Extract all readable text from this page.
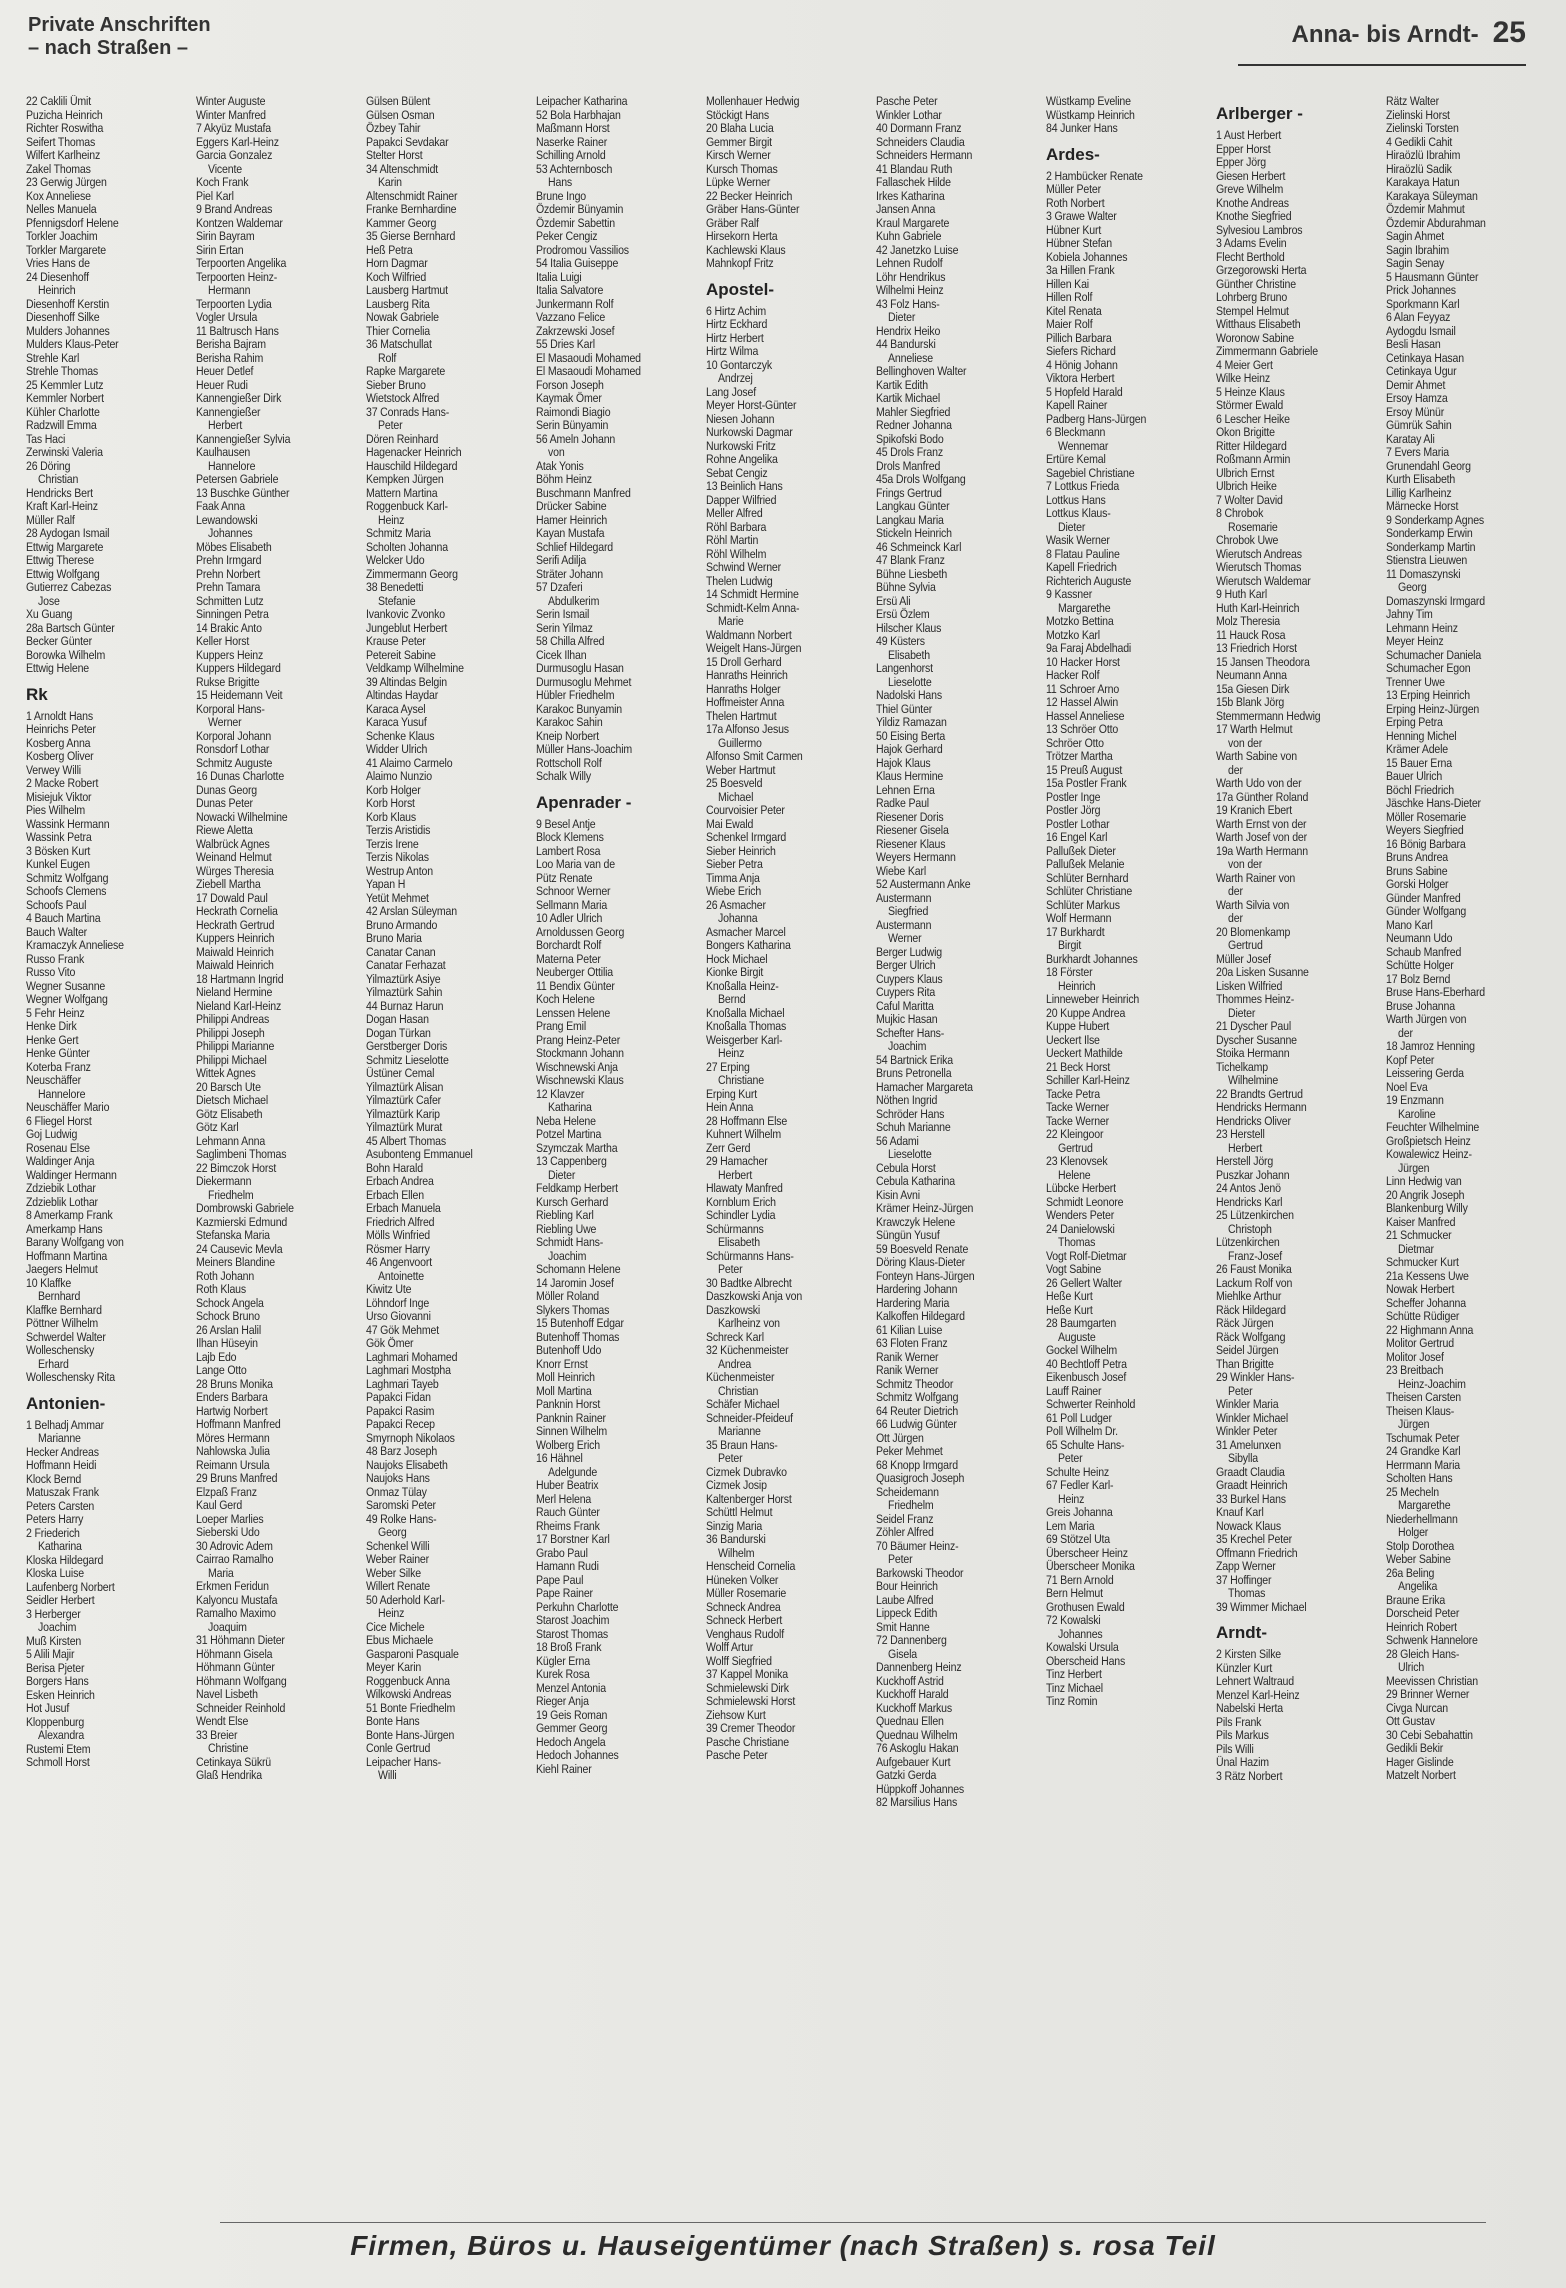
Private Anschriften
– nach Straßen –	Anna- bis Arndt- 25
22 Caklili Ümit
Puzicha Heinrich
Richter Roswitha
Seifert Thomas
Wilfert Karlheinz
Zakel Thomas
23 Gerwig Jürgen
Kox Anneliese
Nelles Manuela
Pfennigsdorf Helene
Torkler Joachim
Torkler Margarete
Vries Hans de
24 Diesenhoff
Heinrich
Diesenhoff Kerstin
Diesenhoff Silke
Mulders Johannes
Mulders Klaus-Peter
Strehle Karl
Strehle Thomas
25 Kemmler Lutz
Kemmler Norbert
Kühler Charlotte
Radzwill Emma
Tas Haci
Zerwinski Valeria
26 Döring
Christian
Hendricks Bert
Kraft Karl-Heinz
Müller Ralf
28 Aydogan Ismail
Ettwig Margarete
Ettwig Therese
Ettwig Wolfgang
Gutierrez Cabezas
Jose
Xu Guang
28a Bartsch Günter
Becker Günter
Borowka Wilhelm
Ettwig Helene
Rk
1 Arnoldt Hans
Heinrichs Peter
Kosberg Anna
Kosberg Oliver
Verwey Willi
2 Macke Robert
Misiejuk Viktor
Pies Wilhelm
Wassink Hermann
Wassink Petra
3 Bösken Kurt
Kunkel Eugen
Schmitz Wolfgang
Schoofs Clemens
Schoofs Paul
4 Bauch Martina
Bauch Walter
Kramaczyk Anneliese
Russo Frank
Russo Vito
Wegner Susanne
Wegner Wolfgang
5 Fehr Heinz
Henke Dirk
Henke Gert
Henke Günter
Koterba Franz
Neuschäffer
Hannelore
Neuschäffer Mario
6 Fliegel Horst
Goj Ludwig
Rosenau Else
Waldinger Anja
Waldinger Hermann
Zdziebik Lothar
Zdzieblik Lothar
8 Amerkamp Frank
Amerkamp Hans
Barany Wolfgang von
Hoffmann Martina
Jaegers Helmut
10 Klaffke
Bernhard
Klaffke Bernhard
Pöttner Wilhelm
Schwerdel Walter
Wolleschensky
Erhard
Wolleschensky Rita
Antonien-
1 Belhadj Ammar
Marianne
Hecker Andreas
Hoffmann Heidi
Klock Bernd
Matuszak Frank
Peters Carsten
Peters Harry
2 Friederich
Katharina
Kloska Hildegard
Kloska Luise
Laufenberg Norbert
Seidler Herbert
3 Herberger
Joachim
Muß Kirsten
5 Alili Majir
Berisa Pjeter
Borgers Hans
Esken Heinrich
Hot Jusuf
Kloppenburg
Alexandra
Rustemi Etem
Schmoll Horst
Winter Auguste
Winter Manfred
7 Akyüz Mustafa
Eggers Karl-Heinz
Garcia Gonzalez
Vicente
Koch Frank
Piel Karl
9 Brand Andreas
Kontzen Waldemar
Sirin Bayram
Sirin Ertan
Terpoorten Angelika
Terpoorten Heinz-
Hermann
Terpoorten Lydia
Vogler Ursula
11 Baltrusch Hans
Berisha Bajram
Berisha Rahim
Heuer Detlef
Heuer Rudi
Kannengießer Dirk
Kannengießer
Herbert
Kannengießer Sylvia
Kaulhausen
Hannelore
Petersen Gabriele
13 Buschke Günther
Faak Anna
Lewandowski
Johannes
Möbes Elisabeth
Prehn Irmgard
Prehn Norbert
Prehn Tamara
Schmitten Lutz
Sinningen Petra
14 Brakic Anto
Keller Horst
Kuppers Heinz
Kuppers Hildegard
Rukse Brigitte
15 Heidemann Veit
Korporal Hans-
Werner
Korporal Johann
Ronsdorf Lothar
Schmitz Auguste
16 Dunas Charlotte
Dunas Georg
Dunas Peter
Nowacki Wilhelmine
Riewe Aletta
Walbrück Agnes
Weinand Helmut
Würges Theresia
Ziebell Martha
17 Dowald Paul
Heckrath Cornelia
Heckrath Gertrud
Kuppers Heinrich
Maiwald Heinrich
Maiwald Heinrich
18 Hartmann Ingrid
Nieland Hermine
Nieland Karl-Heinz
Philippi Andreas
Philippi Joseph
Philippi Marianne
Philippi Michael
Wittek Agnes
20 Barsch Ute
Dietsch Michael
Götz Elisabeth
Götz Karl
Lehmann Anna
Saglimbeni Thomas
22 Bimczok Horst
Diekermann
Friedhelm
Dombrowski Gabriele
Kazmierski Edmund
Stefanska Maria
24 Causevic Mevla
Meiners Blandine
Roth Johann
Roth Klaus
Schock Angela
Schock Bruno
26 Arslan Halil
Ilhan Hüseyin
Lajb Edo
Lange Otto
28 Bruns Monika
Enders Barbara
Hartwig Norbert
Hoffmann Manfred
Möres Hermann
Nahlowska Julia
Reimann Ursula
29 Bruns Manfred
Elzpaß Franz
Kaul Gerd
Loeper Marlies
Sieberski Udo
30 Adrovic Adem
Cairrao Ramalho
Maria
Erkmen Feridun
Kalyoncu Mustafa
Ramalho Maximo
Joaquim
31 Höhmann Dieter
Höhmann Gisela
Höhmann Günter
Höhmann Wolfgang
Navel Lisbeth
Schneider Reinhold
Wendt Else
33 Breier
Christine
Cetinkaya Sükrü
Glaß Hendrika
Gülsen Bülent
Gülsen Osman
Özbey Tahir
Papakci Sevdakar
Stelter Horst
34 Altenschmidt
Karin
Altenschmidt Rainer
Franke Bernhardine
Kammer Georg
35 Gierse Bernhard
Heß Petra
Horn Dagmar
Koch Wilfried
Lausberg Hartmut
Lausberg Rita
Nowak Gabriele
Thier Cornelia
36 Matschullat
Rolf
Rapke Margarete
Sieber Bruno
Wietstock Alfred
37 Conrads Hans-
Peter
Dören Reinhard
Hagenacker Heinrich
Hauschild Hildegard
Kempken Jürgen
Mattern Martina
Roggenbuck Karl-
Heinz
Schmitz Maria
Scholten Johanna
Welcker Udo
Zimmermann Georg
38 Benedetti
Stefanie
Ivankovic Zvonko
Jungeblut Herbert
Krause Peter
Petereit Sabine
Veldkamp Wilhelmine
39 Altindas Belgin
Altindas Haydar
Karaca Aysel
Karaca Yusuf
Schenke Klaus
Widder Ulrich
41 Alaimo Carmelo
Alaimo Nunzio
Korb Holger
Korb Horst
Korb Klaus
Terzis Aristidis
Terzis Irene
Terzis Nikolas
Westrup Anton
Yapan H
Yetüt Mehmet
42 Arslan Süleyman
Bruno Armando
Bruno Maria
Canatar Canan
Canatar Ferhazat
Yilmaztürk Asiye
Yilmaztürk Sahin
44 Burnaz Harun
Dogan Hasan
Dogan Türkan
Gerstberger Doris
Schmitz Lieselotte
Üstüner Cemal
Yilmaztürk Alisan
Yilmaztürk Cafer
Yilmaztürk Karip
Yilmaztürk Murat
45 Albert Thomas
Asubonteng Emmanuel
Bohn Harald
Erbach Andrea
Erbach Ellen
Erbach Manuela
Friedrich Alfred
Mölls Winfried
Rösmer Harry
46 Angenvoort
Antoinette
Kiwitz Ute
Löhndorf Inge
Urso Giovanni
47 Gök Mehmet
Gök Ömer
Laghmari Mohamed
Laghmari Mostpha
Laghmari Tayeb
Papakci Fidan
Papakci Rasim
Papakci Recep
Smyrnoph Nikolaos
48 Barz Joseph
Naujoks Elisabeth
Naujoks Hans
Onmaz Tülay
Saromski Peter
49 Rolke Hans-
Georg
Schenkel Willi
Weber Rainer
Weber Silke
Willert Renate
50 Aderhold Karl-
Heinz
Cice Michele
Ebus Michaele
Gasparoni Pasquale
Meyer Karin
Roggenbuck Anna
Wilkowski Andreas
51 Bonte Friedhelm
Bonte Hans
Bonte Hans-Jürgen
Conle Gertrud
Leipacher Hans-
Willi
Leipacher Katharina
52 Bola Harbhajan
Maßmann Horst
Naserke Rainer
Schilling Arnold
53 Achternbosch
Hans
Brune Ingo
Özdemir Bünyamin
Özdemir Sabettin
Peker Cengiz
Prodromou Vassilios
54 Italia Guiseppe
Italia Luigi
Italia Salvatore
Junkermann Rolf
Vazzano Felice
Zakrzewski Josef
55 Dries Karl
El Masaoudi Mohamed
El Masaoudi Mohamed
Forson Joseph
Kaymak Ömer
Raimondi Biagio
Serin Bünyamin
56 Ameln Johann
von
Atak Yonis
Böhm Heinz
Buschmann Manfred
Drücker Sabine
Hamer Heinrich
Kayan Mustafa
Schlief Hildegard
Serifi Adilja
Sträter Johann
57 Dzaferi
Abdulkerim
Serin Ismail
Serin Yilmaz
58 Chilla Alfred
Cicek Ilhan
Durmusoglu Hasan
Durmusoglu Mehmet
Hübler Friedhelm
Karakoc Bunyamin
Karakoc Sahin
Kneip Norbert
Müller Hans-Joachim
Rottscholl Rolf
Schalk Willy
Apenrader -
9 Besel Antje
Block Klemens
Lambert Rosa
Loo Maria van de
Pütz Renate
Schnoor Werner
Sellmann Maria
10 Adler Ulrich
Arnoldussen Georg
Borchardt Rolf
Materna Peter
Neuberger Ottilia
11 Bendix Günter
Koch Helene
Lenssen Helene
Prang Emil
Prang Heinz-Peter
Stockmann Johann
Wischnewski Anja
Wischnewski Klaus
12 Klavzer
Katharina
Neba Helene
Potzel Martina
Szymczak Martha
13 Cappenberg
Dieter
Feldkamp Herbert
Kursch Gerhard
Riebling Karl
Riebling Uwe
Schmidt Hans-
Joachim
Schomann Helene
14 Jaromin Josef
Möller Roland
Slykers Thomas
15 Butenhoff Edgar
Butenhoff Thomas
Butenhoff Udo
Knorr Ernst
Moll Heinrich
Moll Martina
Panknin Horst
Panknin Rainer
Sinnen Wilhelm
Wolberg Erich
16 Hähnel
Adelgunde
Huber Beatrix
Merl Helena
Rauch Günter
Rheims Frank
17 Borstner Karl
Grabo Paul
Hamann Rudi
Pape Paul
Pape Rainer
Perkuhn Charlotte
Starost Joachim
Starost Thomas
18 Broß Frank
Kügler Erna
Kurek Rosa
Menzel Antonia
Rieger Anja
19 Geis Roman
Gemmer Georg
Hedoch Angela
Hedoch Johannes
Kiehl Rainer
Mollenhauer Hedwig
Stöckigt Hans
20 Blaha Lucia
Gemmer Birgit
Kirsch Werner
Kursch Thomas
Lüpke Werner
22 Becker Heinrich
Gräber Hans-Günter
Gräber Ralf
Hirsekorn Herta
Kachlewski Klaus
Mahnkopf Fritz
Apostel-
6 Hirtz Achim
Hirtz Eckhard
Hirtz Herbert
Hirtz Wilma
10 Gontarczyk
Andrzej
Lang Josef
Meyer Horst-Günter
Niesen Johann
Nurkowski Dagmar
Nurkowski Fritz
Rohne Angelika
Sebat Cengiz
13 Beinlich Hans
Dapper Wilfried
Meller Alfred
Röhl Barbara
Röhl Martin
Röhl Wilhelm
Schwind Werner
Thelen Ludwig
14 Schmidt Hermine
Schmidt-Kelm Anna-
Marie
Waldmann Norbert
Weigelt Hans-Jürgen
15 Droll Gerhard
Hanraths Heinrich
Hanraths Holger
Hoffmeister Anna
Thelen Hartmut
17a Alfonso Jesus
Guillermo
Alfonso Smit Carmen
Weber Hartmut
25 Boesveld
Michael
Courvoisier Peter
Mai Ewald
Schenkel Irmgard
Sieber Heinrich
Sieber Petra
Timma Anja
Wiebe Erich
26 Asmacher
Johanna
Asmacher Marcel
Bongers Katharina
Hock Michael
Kionke Birgit
Knoßalla Heinz-
Bernd
Knoßalla Michael
Knoßalla Thomas
Weisgerber Karl-
Heinz
27 Erping
Christiane
Erping Kurt
Hein Anna
28 Hoffmann Else
Kuhnert Wilhelm
Zerr Gerd
29 Hamacher
Herbert
Hlawaty Manfred
Kornblum Erich
Schindler Lydia
Schürmanns
Elisabeth
Schürmanns Hans-
Peter
30 Badtke Albrecht
Daszkowski Anja von
Daszkowski
Karlheinz von
Schreck Karl
32 Küchenmeister
Andrea
Küchenmeister
Christian
Schäfer Michael
Schneider-Pfeideuf
Marianne
35 Braun Hans-
Peter
Cizmek Dubravko
Cizmek Josip
Kaltenberger Horst
Schüttl Helmut
Sinzig Maria
36 Bandurski
Wilhelm
Henscheid Cornelia
Hüneken Volker
Müller Rosemarie
Schneck Andrea
Schneck Herbert
Venghaus Rudolf
Wolff Artur
Wolff Siegfried
37 Kappel Monika
Schmielewski Dirk
Schmielewski Horst
Ziehsow Kurt
39 Cremer Theodor
Pasche Christiane
Pasche Peter
Pasche Peter
Winkler Lothar
40 Dormann Franz
Schneiders Claudia
Schneiders Hermann
41 Blandau Ruth
Fallaschek Hilde
Irkes Katharina
Jansen Anna
Kraul Margarete
Kuhn Gabriele
42 Janetzko Luise
Lehnen Rudolf
Löhr Hendrikus
Wilhelmi Heinz
43 Folz Hans-
Dieter
Hendrix Heiko
44 Bandurski
Anneliese
Bellinghoven Walter
Kartik Edith
Kartik Michael
Mahler Siegfried
Redner Johanna
Spikofski Bodo
45 Drols Franz
Drols Manfred
45a Drols Wolfgang
Frings Gertrud
Langkau Günter
Langkau Maria
Stickeln Heinrich
46 Schmeinck Karl
47 Blank Franz
Bühne Liesbeth
Bühne Sylvia
Ersü Ali
Ersü Özlem
Hilscher Klaus
49 Küsters
Elisabeth
Langenhorst
Lieselotte
Nadolski Hans
Thiel Günter
Yildiz Ramazan
50 Eising Berta
Hajok Gerhard
Hajok Klaus
Klaus Hermine
Lehnen Erna
Radke Paul
Riesener Doris
Riesener Gisela
Riesener Klaus
Weyers Hermann
Wiebe Karl
52 Austermann Anke
Austermann
Siegfried
Austermann
Werner
Berger Ludwig
Berger Ulrich
Cuypers Klaus
Cuypers Rita
Caful Maritta
Mujkic Hasan
Schefter Hans-
Joachim
54 Bartnick Erika
Bruns Petronella
Hamacher Margareta
Nöthen Ingrid
Schröder Hans
Schuh Marianne
56 Adami
Lieselotte
Cebula Horst
Cebula Katharina
Kisin Avni
Krämer Heinz-Jürgen
Krawczyk Helene
Süngün Yusuf
59 Boesveld Renate
Döring Klaus-Dieter
Fonteyn Hans-Jürgen
Hardering Johann
Hardering Maria
Kalkoffen Hildegard
61 Kilian Luise
63 Floten Franz
Ranik Werner
Ranik Werner
Schmitz Theodor
Schmitz Wolfgang
64 Reuter Dietrich
66 Ludwig Günter
Ott Jürgen
Peker Mehmet
68 Knopp Irmgard
Quasigroch Joseph
Scheidemann
Friedhelm
Seidel Franz
Zöhler Alfred
70 Bäumer Heinz-
Peter
Barkowski Theodor
Bour Heinrich
Laube Alfred
Lippeck Edith
Smit Hanne
72 Dannenberg
Gisela
Dannenberg Heinz
Kuckhoff Astrid
Kuckhoff Harald
Kuckhoff Markus
Quednau Ellen
Quednau Wilhelm
76 Askoglu Hakan
Aufgebauer Kurt
Gatzki Gerda
Hüppkoff Johannes
82 Marsilius Hans
Wüstkamp Eveline
Wüstkamp Heinrich
84 Junker Hans
Ardes-
2 Hambücker Renate
Müller Peter
Roth Norbert
3 Grawe Walter
Hübner Kurt
Hübner Stefan
Kobiela Johannes
3a Hillen Frank
Hillen Kai
Hillen Rolf
Kitel Renata
Maier Rolf
Pillich Barbara
Siefers Richard
4 Hönig Johann
Viktora Herbert
5 Hopfeld Harald
Kapell Rainer
Padberg Hans-Jürgen
6 Bleckmann
Wennemar
Ertüre Kemal
Sagebiel Christiane
7 Lottkus Frieda
Lottkus Hans
Lottkus Klaus-
Dieter
Wasik Werner
8 Flatau Pauline
Kapell Friedrich
Richterich Auguste
9 Kassner
Margarethe
Motzko Bettina
Motzko Karl
9a Faraj Abdelhadi
10 Hacker Horst
Hacker Rolf
11 Schroer Arno
12 Hassel Alwin
Hassel Anneliese
13 Schröer Otto
Schröer Otto
Trötzer Martha
15 Preuß August
15a Postler Frank
Postler Inge
Postler Jörg
Postler Lothar
16 Engel Karl
Pallußek Dieter
Pallußek Melanie
Schlüter Bernhard
Schlüter Christiane
Schlüter Markus
Wolf Hermann
17 Burkhardt
Birgit
Burkhardt Johannes
18 Förster
Heinrich
Linneweber Heinrich
20 Kuppe Andrea
Kuppe Hubert
Ueckert Ilse
Ueckert Mathilde
21 Beck Horst
Schiller Karl-Heinz
Tacke Petra
Tacke Werner
Tacke Werner
22 Kleingoor
Gertrud
23 Klenovsek
Helene
Lübcke Herbert
Schmidt Leonore
Wenders Peter
24 Danielowski
Thomas
Vogt Rolf-Dietmar
Vogt Sabine
26 Gellert Walter
Heße Kurt
Heße Kurt
28 Baumgarten
Auguste
Gockel Wilhelm
40 Bechtloff Petra
Eikenbusch Josef
Lauff Rainer
Schwerter Reinhold
61 Poll Ludger
Poll Wilhelm Dr.
65 Schulte Hans-
Peter
Schulte Heinz
67 Fedler Karl-
Heinz
Greis Johanna
Lem Maria
69 Stötzel Uta
Überscheer Heinz
Überscheer Monika
71 Bern Arnold
Bern Helmut
Grothusen Ewald
72 Kowalski
Johannes
Kowalski Ursula
Oberscheid Hans
Tinz Herbert
Tinz Michael
Tinz Romin
Arlberger -
1 Aust Herbert
Epper Horst
Epper Jörg
Giesen Herbert
Greve Wilhelm
Knothe Andreas
Knothe Siegfried
Sylvesiou Lambros
3 Adams Evelin
Flecht Berthold
Grzegorowski Herta
Günther Christine
Lohrberg Bruno
Stempel Helmut
Witthaus Elisabeth
Woronow Sabine
Zimmermann Gabriele
4 Meier Gert
Wilke Heinz
5 Heinze Klaus
Störmer Ewald
6 Lescher Heike
Okon Brigitte
Ritter Hildegard
Roßmann Armin
Ulbrich Ernst
Ulbrich Heike
7 Wolter David
8 Chrobok
Rosemarie
Chrobok Uwe
Wierutsch Andreas
Wierutsch Thomas
Wierutsch Waldemar
9 Huth Karl
Huth Karl-Heinrich
Molz Theresia
11 Hauck Rosa
13 Friedrich Horst
15 Jansen Theodora
Neumann Anna
15a Giesen Dirk
15b Blank Jörg
Stemmermann Hedwig
17 Warth Helmut
von der
Warth Sabine von
der
Warth Udo von der
17a Günther Roland
19 Kranich Ebert
Warth Ernst von der
Warth Josef von der
19a Warth Hermann
von der
Warth Rainer von
der
Warth Silvia von
der
20 Blomenkamp
Gertrud
Müller Josef
20a Lisken Susanne
Lisken Wilfried
Thommes Heinz-
Dieter
21 Dyscher Paul
Dyscher Susanne
Stoika Hermann
Tichelkamp
Wilhelmine
22 Brandts Gertrud
Hendricks Hermann
Hendricks Oliver
23 Herstell
Herbert
Herstell Jörg
Puszkar Johann
24 Antos Jenö
Hendricks Karl
25 Lützenkirchen
Christoph
Lützenkirchen
Franz-Josef
26 Faust Monika
Lackum Rolf von
Miehlke Arthur
Räck Hildegard
Räck Jürgen
Räck Wolfgang
Seidel Jürgen
Than Brigitte
29 Winkler Hans-
Peter
Winkler Maria
Winkler Michael
Winkler Peter
31 Amelunxen
Sibylla
Graadt Claudia
Graadt Heinrich
33 Burkel Hans
Knauf Karl
Nowack Klaus
35 Krechel Peter
Offmann Friedrich
Zapp Werner
37 Hoffinger
Thomas
39 Wimmer Michael
Arndt-
2 Kirsten Silke
Künzler Kurt
Lehnert Waltraud
Menzel Karl-Heinz
Nabelski Herta
Pils Frank
Pils Markus
Pils Willi
Ünal Hazim
3 Rätz Norbert
Rätz Walter
Zielinski Horst
Zielinski Torsten
4 Gedikli Cahit
Hiraözlü Ibrahim
Hiraözlü Sadik
Karakaya Hatun
Karakaya Süleyman
Özdemir Mahmut
Özdemir Abdurahman
Sagin Ahmet
Sagin Ibrahim
Sagin Senay
5 Hausmann Günter
Prick Johannes
Sporkmann Karl
6 Alan Feyyaz
Aydogdu Ismail
Besli Hasan
Cetinkaya Hasan
Cetinkaya Ugur
Demir Ahmet
Ersoy Hamza
Ersoy Münür
Gümrük Sahin
Karatay Ali
7 Evers Maria
Grunendahl Georg
Kurth Elisabeth
Lillig Karlheinz
Märnecke Horst
9 Sonderkamp Agnes
Sonderkamp Erwin
Sonderkamp Martin
Stienstra Lieuwen
11 Domaszynski
Georg
Domaszynski Irmgard
Jahny Tim
Lehmann Heinz
Meyer Heinz
Schumacher Daniela
Schumacher Egon
Trenner Uwe
13 Erping Heinrich
Erping Heinz-Jürgen
Erping Petra
Henning Michel
Krämer Adele
15 Bauer Erna
Bauer Ulrich
Böchl Friedrich
Jäschke Hans-Dieter
Möller Rosemarie
Weyers Siegfried
16 Bönig Barbara
Bruns Andrea
Bruns Sabine
Gorski Holger
Günder Manfred
Günder Wolfgang
Mano Karl
Neumann Udo
Schaub Manfred
Schütte Holger
17 Bolz Bernd
Bruse Hans-Eberhard
Bruse Johanna
Warth Jürgen von
der
18 Jamroz Henning
Kopf Peter
Leissering Gerda
Noel Eva
19 Enzmann
Karoline
Feuchter Wilhelmine
Großpietsch Heinz
Kowalewicz Heinz-
Jürgen
Linn Hedwig van
20 Angrik Joseph
Blankenburg Willy
Kaiser Manfred
21 Schmucker
Dietmar
Schmucker Kurt
21a Kessens Uwe
Nowak Herbert
Scheffer Johanna
Schütte Rüdiger
22 Highmann Anna
Molitor Gertrud
Molitor Josef
23 Breitbach
Heinz-Joachim
Theisen Carsten
Theisen Klaus-
Jürgen
Tschumak Peter
24 Grandke Karl
Herrmann Maria
Scholten Hans
25 Mecheln
Margarethe
Niederhellmann
Holger
Stolp Dorothea
Weber Sabine
26a Beling
Angelika
Braune Erika
Dorscheid Peter
Heinrich Robert
Schwenk Hannelore
28 Gleich Hans-
Ulrich
Meevissen Christian
29 Brinner Werner
Civga Nurcan
Ott Gustav
30 Cebi Sebahattin
Gedikli Bekir
Hager Gislinde
Matzelt Norbert
Firmen, Büros u. Hauseigentümer (nach Straßen) s. rosa Teil
